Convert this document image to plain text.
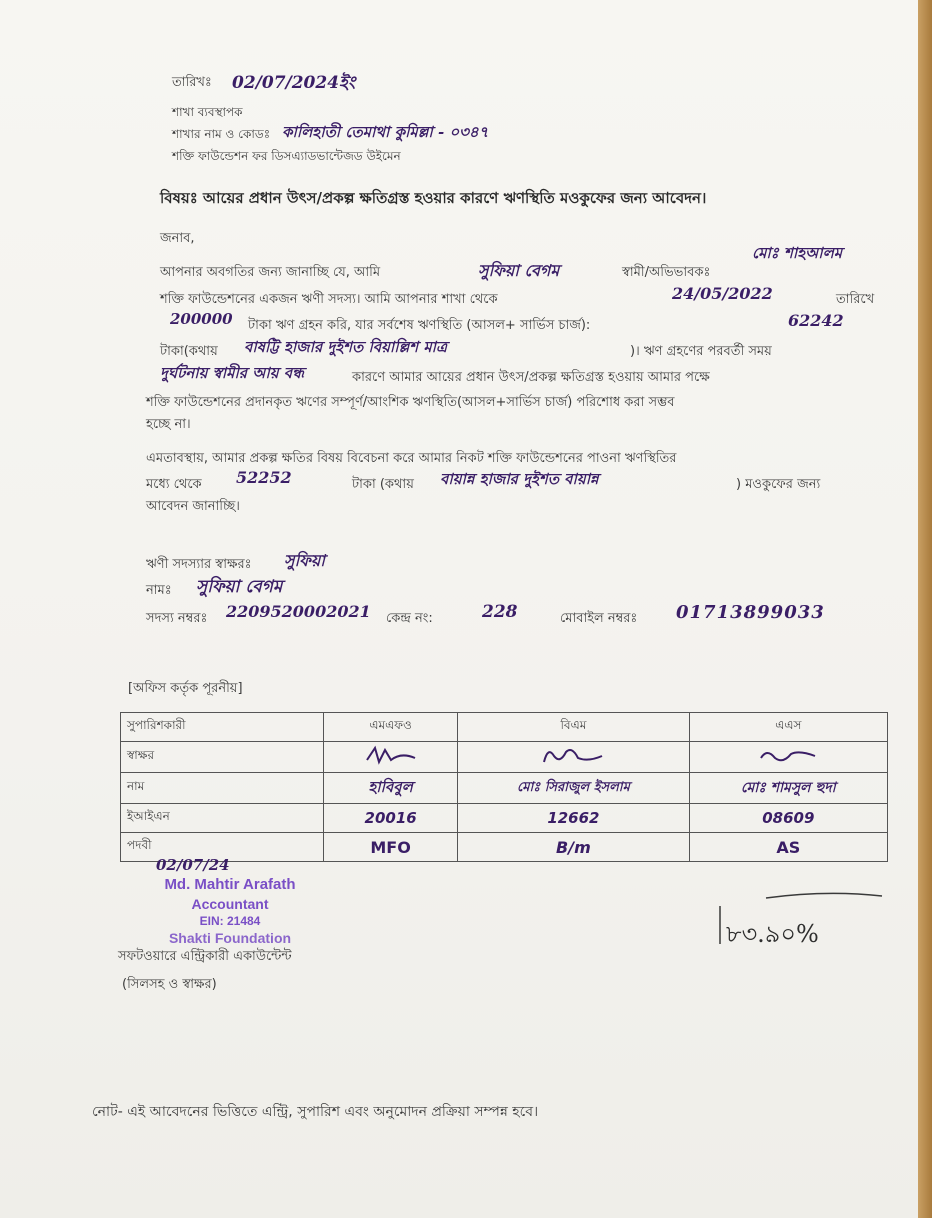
তারিখঃ 02/07/2024ইং
শাখা ব্যবস্থাপক
শাখার নাম ও কোডঃ কালিহাতী তেমাথা কুমিল্লা - ০৩৪৭
শক্তি ফাউন্ডেশন ফর ডিসএ্যাডভান্টেজড উইমেন
বিষয়ঃ আয়ের প্রধান উৎস/প্রকল্প ক্ষতিগ্রস্ত হওয়ার কারণে ঋণস্থিতি মওকুফের জন্য আবেদন।
জনাব,
আপনার অবগতির জন্য জানাচ্ছি যে, আমি	সুফিয়া বেগম	স্বামী/অভিভাবকঃ
মোঃ শাহআলম
শক্তি ফাউন্ডেশনের একজন ঋণী সদস্য। আমি আপনার শাখা থেকে	24/05/2022	তারিখে
200000 টাকা ঋণ গ্রহন করি, যার সর্বশেষ ঋণস্থিতি (আসল+ সার্ভিস চার্জ):	62242
টাকা(কথায় বাষট্টি হাজার দুইশত বিয়াল্লিশ মাত্র	)। ঋণ গ্রহণের পরবর্তী সময়
দুর্ঘটনায় স্বামীর আয় বন্ধ	কারণে আমার আয়ের প্রধান উৎস/প্রকল্প ক্ষতিগ্রস্ত হওয়ায় আমার পক্ষে
শক্তি ফাউন্ডেশনের প্রদানকৃত ঋণের সম্পূর্ণ/আংশিক ঋণস্থিতি(আসল+সার্ভিস চার্জ) পরিশোধ করা সম্ভব
হচ্ছে না।
এমতাবস্থায়, আমার প্রকল্প ক্ষতির বিষয় বিবেচনা করে আমার নিকট শক্তি ফাউন্ডেশনের পাওনা ঋণস্থিতির
মধ্যে থেকে 52252	টাকা (কথায় বায়ান্ন হাজার দুইশত বায়ান্ন	) মওকুফের জন্য
আবেদন জানাচ্ছি।
ঋণী সদস্যার স্বাক্ষরঃ সুফিয়া
নামঃ সুফিয়া বেগম
সদস্য নম্বরঃ 2209520002021 কেন্দ্র নং:	228	মোবাইল নম্বরঃ 01713899033
[অফিস কর্তৃক পূরনীয়]
সুপারিশকারী	এমএফও	বিএম	এএস
স্বাক্ষর			
নাম	হাবিবুল	মোঃ সিরাজুল ইসলাম	মোঃ শামসুল হুদা
ইআইএন	20016	12662	08609
পদবী	MFO	B/m	AS
02/07/24
Md. Mahtir Arafath
Accountant
EIN: 21484
Shakti Foundation
সফটওয়ারে এন্ট্রিকারী একাউন্টেন্ট
(সিলসহ ও স্বাক্ষর)
৮৩.৯০%
নোট- এই আবেদনের ভিত্তিতে এন্ট্রি, সুপারিশ এবং অনুমোদন প্রক্রিয়া সম্পন্ন হবে।
